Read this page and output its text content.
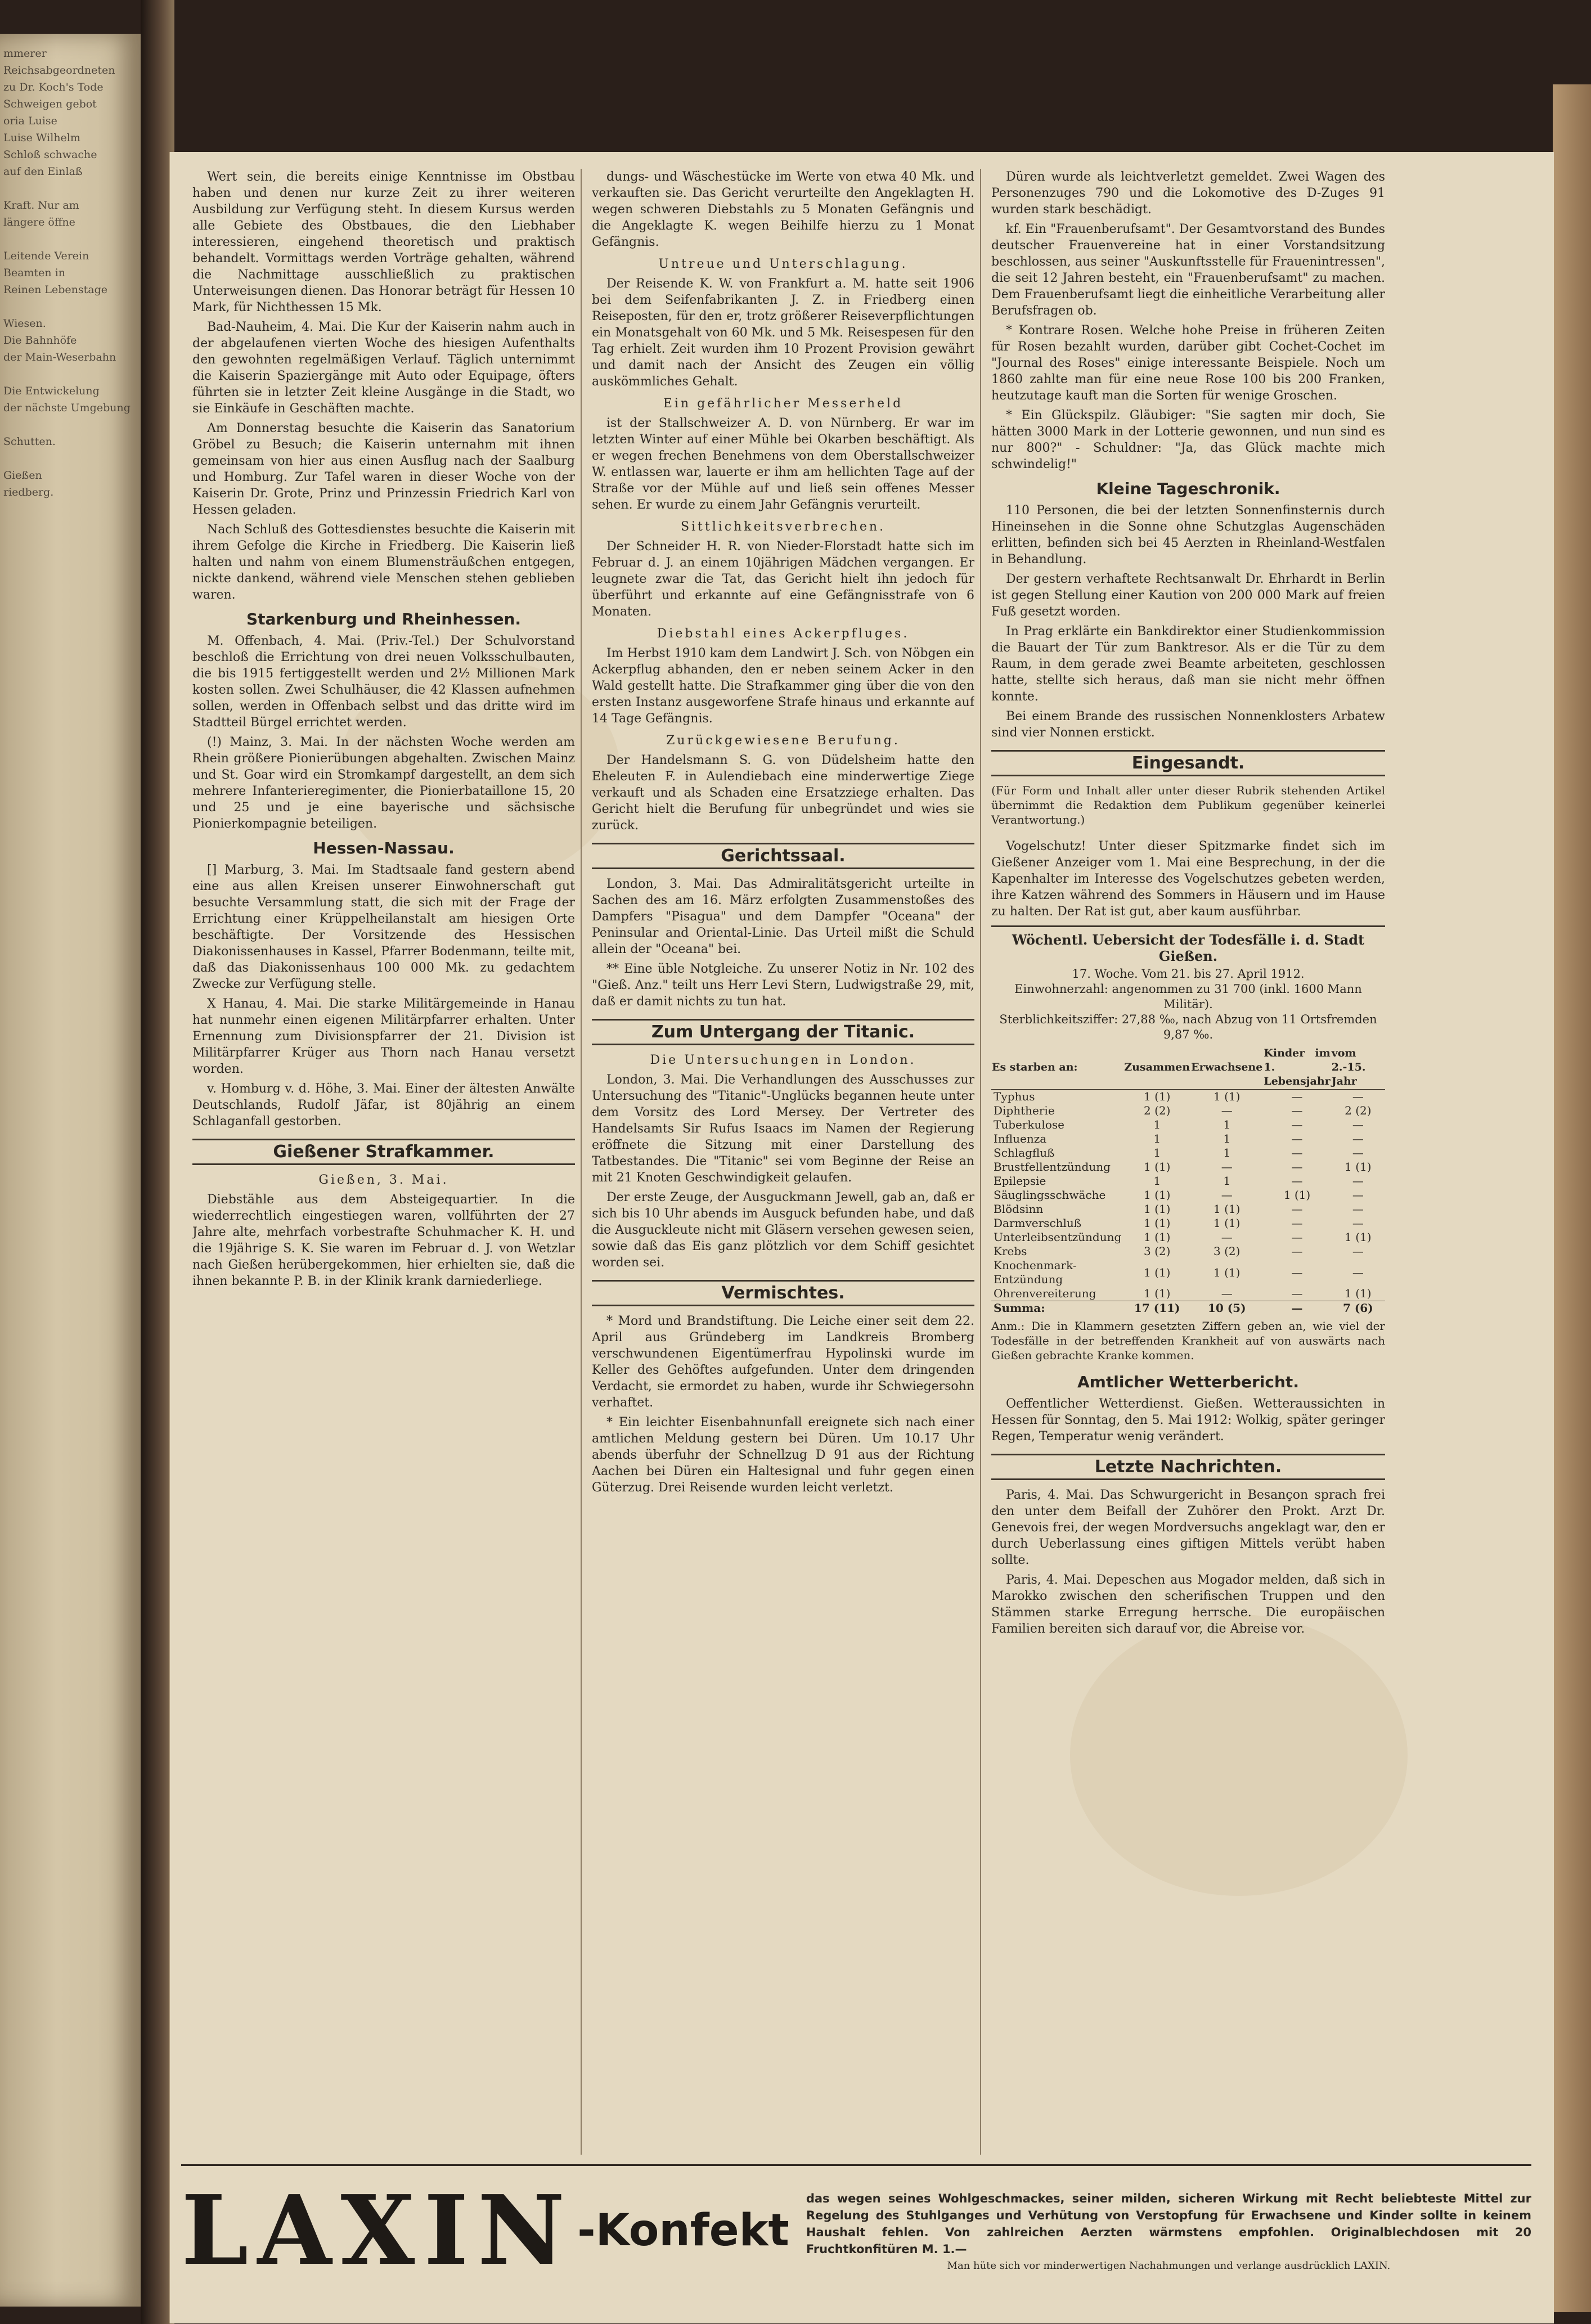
mmerer Reichsabgeordneten
zu Dr. Koch's Tode
Schweigen gebot
oria Luise
Luise Wilhelm
Schloß schwache
auf den Einlaß

Kraft. Nur am
längere öffne

Leitende Verein
Beamten in
Reinen Lebenstage

Wiesen.
Die Bahnhöfe
der Main-Weserbahn

Die Entwickelung
der nächste Umgebung

Schutten.

Gießen
riedberg.

Wert sein, die bereits einige Kenntnisse im Obstbau haben und denen nur kurze Zeit zu ihrer weiteren Ausbildung zur Verfügung steht. In diesem Kursus werden alle Gebiete des Obstbaues, die den Liebhaber interessieren, eingehend theoretisch und praktisch behandelt. Vormittags werden Vorträge gehalten, während die Nachmittage ausschließlich zu praktischen Unterweisungen dienen. Das Honorar beträgt für Hessen 10 Mark, für Nichthessen 15 Mk.

Bad-Nauheim, 4. Mai. Die Kur der Kaiserin nahm auch in der abgelaufenen vierten Woche des hiesigen Aufenthalts den gewohnten regelmäßigen Verlauf. Täglich unternimmt die Kaiserin Spaziergänge mit Auto oder Equipage, öfters führten sie in letzter Zeit kleine Ausgänge in die Stadt, wo sie Einkäufe in Geschäften machte.

Am Donnerstag besuchte die Kaiserin das Sanatorium Gröbel zu Besuch; die Kaiserin unternahm mit ihnen gemeinsam von hier aus einen Ausflug nach der Saalburg und Homburg. Zur Tafel waren in dieser Woche von der Kaiserin Dr. Grote, Prinz und Prinzessin Friedrich Karl von Hessen geladen.

Nach Schluß des Gottesdienstes besuchte die Kaiserin mit ihrem Gefolge die Kirche in Friedberg. Die Kaiserin ließ halten und nahm von einem Blumensträußchen entgegen, nickte dankend, während viele Menschen stehen geblieben waren.

Starkenburg und Rheinhessen.

M. Offenbach, 4. Mai. (Priv.-Tel.) Der Schulvorstand beschloß die Errichtung von drei neuen Volksschulbauten, die bis 1915 fertiggestellt werden und 2½ Millionen Mark kosten sollen. Zwei Schulhäuser, die 42 Klassen aufnehmen sollen, werden in Offenbach selbst und das dritte wird im Stadtteil Bürgel errichtet werden.

(!) Mainz, 3. Mai. In der nächsten Woche werden am Rhein größere Pionierübungen abgehalten. Zwischen Mainz und St. Goar wird ein Stromkampf dargestellt, an dem sich mehrere Infanterieregimenter, die Pionierbataillone 15, 20 und 25 und je eine bayerische und sächsische Pionierkompagnie beteiligen.

Hessen-Nassau.

[] Marburg, 3. Mai. Im Stadtsaale fand gestern abend eine aus allen Kreisen unserer Einwohnerschaft gut besuchte Versammlung statt, die sich mit der Frage der Errichtung einer Krüppelheilanstalt am hiesigen Orte beschäftigte. Der Vorsitzende des Hessischen Diakonissenhauses in Kassel, Pfarrer Bodenmann, teilte mit, daß das Diakonissenhaus 100 000 Mk. zu gedachtem Zwecke zur Verfügung stelle.

X Hanau, 4. Mai. Die starke Militärgemeinde in Hanau hat nunmehr einen eigenen Militärpfarrer erhalten. Unter Ernennung zum Divisionspfarrer der 21. Division ist Militärpfarrer Krüger aus Thorn nach Hanau versetzt worden.

v. Homburg v. d. Höhe, 3. Mai. Einer der ältesten Anwälte Deutschlands, Rudolf Jäfar, ist 80jährig an einem Schlaganfall gestorben.

Gießener Strafkammer.
Gießen, 3. Mai.

Diebstähle aus dem Absteigequartier. In die wiederrechtlich eingestiegen waren, vollführten der 27 Jahre alte, mehrfach vorbestrafte Schuhmacher K. H. und die 19jährige S. K. Sie waren im Februar d. J. von Wetzlar nach Gießen herübergekommen, hier erhielten sie, daß die ihnen bekannte P. B. in der Klinik krank darniederliege.

dungs- und Wäschestücke im Werte von etwa 40 Mk. und verkauften sie. Das Gericht verurteilte den Angeklagten H. wegen schweren Diebstahls zu 5 Monaten Gefängnis und die Angeklagte K. wegen Beihilfe hierzu zu 1 Monat Gefängnis.

Untreue und Unterschlagung.

Der Reisende K. W. von Frankfurt a. M. hatte seit 1906 bei dem Seifenfabrikanten J. Z. in Friedberg einen Reiseposten, für den er, trotz größerer Reiseverpflichtungen ein Monatsgehalt von 60 Mk. und 5 Mk. Reisespesen für den Tag erhielt. Zeit wurden ihm 10 Prozent Provision gewährt und damit nach der Ansicht des Zeugen ein völlig auskömmliches Gehalt.

Ein gefährlicher Messerheld

ist der Stallschweizer A. D. von Nürnberg. Er war im letzten Winter auf einer Mühle bei Okarben beschäftigt. Als er wegen frechen Benehmens von dem Oberstallschweizer W. entlassen war, lauerte er ihm am hellichten Tage auf der Straße vor der Mühle auf und ließ sein offenes Messer sehen. Er wurde zu einem Jahr Gefängnis verurteilt.

Sittlichkeitsverbrechen.

Der Schneider H. R. von Nieder-Florstadt hatte sich im Februar d. J. an einem 10jährigen Mädchen vergangen. Er leugnete zwar die Tat, das Gericht hielt ihn jedoch für überführt und erkannte auf eine Gefängnisstrafe von 6 Monaten.

Diebstahl eines Ackerpfluges.

Im Herbst 1910 kam dem Landwirt J. Sch. von Nöbgen ein Ackerpflug abhanden, den er neben seinem Acker in den Wald gestellt hatte. Die Strafkammer ging über die von den ersten Instanz ausgeworfene Strafe hinaus und erkannte auf 14 Tage Gefängnis.

Zurückgewiesene Berufung.

Der Handelsmann S. G. von Düdelsheim hatte den Eheleuten F. in Aulendiebach eine minderwertige Ziege verkauft und als Schaden eine Ersatzziege erhalten. Das Gericht hielt die Berufung für unbegründet und wies sie zurück.

Gerichtssaal.

London, 3. Mai. Das Admiralitätsgericht urteilte in Sachen des am 16. März erfolgten Zusammenstoßes des Dampfers "Pisagua" und dem Dampfer "Oceana" der Peninsular and Oriental-Linie. Das Urteil mißt die Schuld allein der "Oceana" bei.

** Eine üble Notgleiche. Zu unserer Notiz in Nr. 102 des "Gieß. Anz." teilt uns Herr Levi Stern, Ludwigstraße 29, mit, daß er damit nichts zu tun hat.

Zum Untergang der Titanic.
Die Untersuchungen in London.

London, 3. Mai. Die Verhandlungen des Ausschusses zur Untersuchung des "Titanic"-Unglücks begannen heute unter dem Vorsitz des Lord Mersey. Der Vertreter des Handelsamts Sir Rufus Isaacs im Namen der Regierung eröffnete die Sitzung mit einer Darstellung des Tatbestandes. Die "Titanic" sei vom Beginne der Reise an mit 21 Knoten Geschwindigkeit gelaufen.

Der erste Zeuge, der Ausguckmann Jewell, gab an, daß er sich bis 10 Uhr abends im Ausguck befunden habe, und daß die Ausguckleute nicht mit Gläsern versehen gewesen seien, sowie daß das Eis ganz plötzlich vor dem Schiff gesichtet worden sei.

Vermischtes.

* Mord und Brandstiftung. Die Leiche einer seit dem 22. April aus Gründeberg im Landkreis Bromberg verschwundenen Eigentümerfrau Hypolinski wurde im Keller des Gehöftes aufgefunden. Unter dem dringenden Verdacht, sie ermordet zu haben, wurde ihr Schwiegersohn verhaftet.

* Ein leichter Eisenbahnunfall ereignete sich nach einer amtlichen Meldung gestern bei Düren. Um 10.17 Uhr abends überfuhr der Schnellzug D 91 aus der Richtung Aachen bei Düren ein Haltesignal und fuhr gegen einen Güterzug. Drei Reisende wurden leicht verletzt.

Düren wurde als leichtverletzt gemeldet. Zwei Wagen des Personenzuges 790 und die Lokomotive des D-Zuges 91 wurden stark beschädigt.

kf. Ein "Frauenberufsamt". Der Gesamtvorstand des Bundes deutscher Frauenvereine hat in einer Vorstandsitzung beschlossen, aus seiner "Auskunftsstelle für Frauenintressen", die seit 12 Jahren besteht, ein "Frauenberufsamt" zu machen. Dem Frauenberufsamt liegt die einheitliche Verarbeitung aller Berufsfragen ob.

* Kontrare Rosen. Welche hohe Preise in früheren Zeiten für Rosen bezahlt wurden, darüber gibt Cochet-Cochet im "Journal des Roses" einige interessante Beispiele. Noch um 1860 zahlte man für eine neue Rose 100 bis 200 Franken, heutzutage kauft man die Sorten für wenige Groschen.

* Ein Glückspilz. Gläubiger: "Sie sagten mir doch, Sie hätten 3000 Mark in der Lotterie gewonnen, und nun sind es nur 800?" - Schuldner: "Ja, das Glück machte mich schwindelig!"

Kleine Tageschronik.

110 Personen, die bei der letzten Sonnenfinsternis durch Hineinsehen in die Sonne ohne Schutzglas Augenschäden erlitten, befinden sich bei 45 Aerzten in Rheinland-Westfalen in Behandlung.

Der gestern verhaftete Rechtsanwalt Dr. Ehrhardt in Berlin ist gegen Stellung einer Kaution von 200 000 Mark auf freien Fuß gesetzt worden.

In Prag erklärte ein Bankdirektor einer Studienkommission die Bauart der Tür zum Banktresor. Als er die Tür zu dem Raum, in dem gerade zwei Beamte arbeiteten, geschlossen hatte, stellte sich heraus, daß man sie nicht mehr öffnen konnte.

Bei einem Brande des russischen Nonnenklosters Arbatew sind vier Nonnen erstickt.

Eingesandt.

(Für Form und Inhalt aller unter dieser Rubrik stehenden Artikel übernimmt die Redaktion dem Publikum gegenüber keinerlei Verantwortung.)

Vogelschutz! Unter dieser Spitzmarke findet sich im Gießener Anzeiger vom 1. Mai eine Besprechung, in der die Kapenhalter im Interesse des Vogelschutzes gebeten werden, ihre Katzen während des Sommers in Häusern und im Hause zu halten. Der Rat ist gut, aber kaum ausführbar.

Wöchentl. Uebersicht der Todesfälle i. d. Stadt Gießen.
17. Woche. Vom 21. bis 27. April 1912.
Einwohnerzahl: angenommen zu 31 700 (inkl. 1600 Mann Militär).
Sterblichkeitsziffer: 27,88 ‰, nach Abzug von 11 Ortsfremden 9,87 ‰.
Es starben an:	Zusammen	Erwachsene	Kinder im 1. Lebensjahr	vom 2.-15. Jahr
Typhus	1 (1)	1 (1)	—	—
Diphtherie	2 (2)	—	—	2 (2)
Tuberkulose	1	1	—	—
Influenza	1	1	—	—
Schlagfluß	1	1	—	—
Brustfellentzündung	1 (1)	—	—	1 (1)
Epilepsie	1	1	—	—
Säuglingsschwäche	1 (1)	—	1 (1)	—
Blödsinn	1 (1)	1 (1)	—	—
Darmverschluß	1 (1)	1 (1)	—	—
Unterleibsentzündung	1 (1)	—	—	1 (1)
Krebs	3 (2)	3 (2)	—	—
Knochenmark-Entzündung	1 (1)	1 (1)	—	—
Ohrenvereiterung	1 (1)	—	—	1 (1)
Summa:	17 (11)	10 (5)	—	7 (6)

Anm.: Die in Klammern gesetzten Ziffern geben an, wie viel der Todesfälle in der betreffenden Krankheit auf von auswärts nach Gießen gebrachte Kranke kommen.

Amtlicher Wetterbericht.

Oeffentlicher Wetterdienst. Gießen. Wetteraussichten in Hessen für Sonntag, den 5. Mai 1912: Wolkig, später geringer Regen, Temperatur wenig verändert.

Letzte Nachrichten.

Paris, 4. Mai. Das Schwurgericht in Besançon sprach frei den unter dem Beifall der Zuhörer den Prokt. Arzt Dr. Genevois frei, der wegen Mordversuchs angeklagt war, den er durch Ueberlassung eines giftigen Mittels verübt haben sollte.

Paris, 4. Mai. Depeschen aus Mogador melden, daß sich in Marokko zwischen den scherifischen Truppen und den Stämmen starke Erregung herrsche. Die europäischen Familien bereiten sich darauf vor, die Abreise vor.

LAXIN -Konfekt
das wegen seines Wohlgeschmackes, seiner milden, sicheren Wirkung mit Recht beliebteste Mittel zur Regelung des Stuhlganges und Verhütung von Verstopfung für Erwachsene und Kinder sollte in keinem Haushalt fehlen. Von zahlreichen Aerzten wärmstens empfohlen. Originalblechdosen mit 20 Fruchtkonfitüren M. 1.—
Man hüte sich vor minderwertigen Nachahmungen und verlange ausdrücklich LAXIN.
